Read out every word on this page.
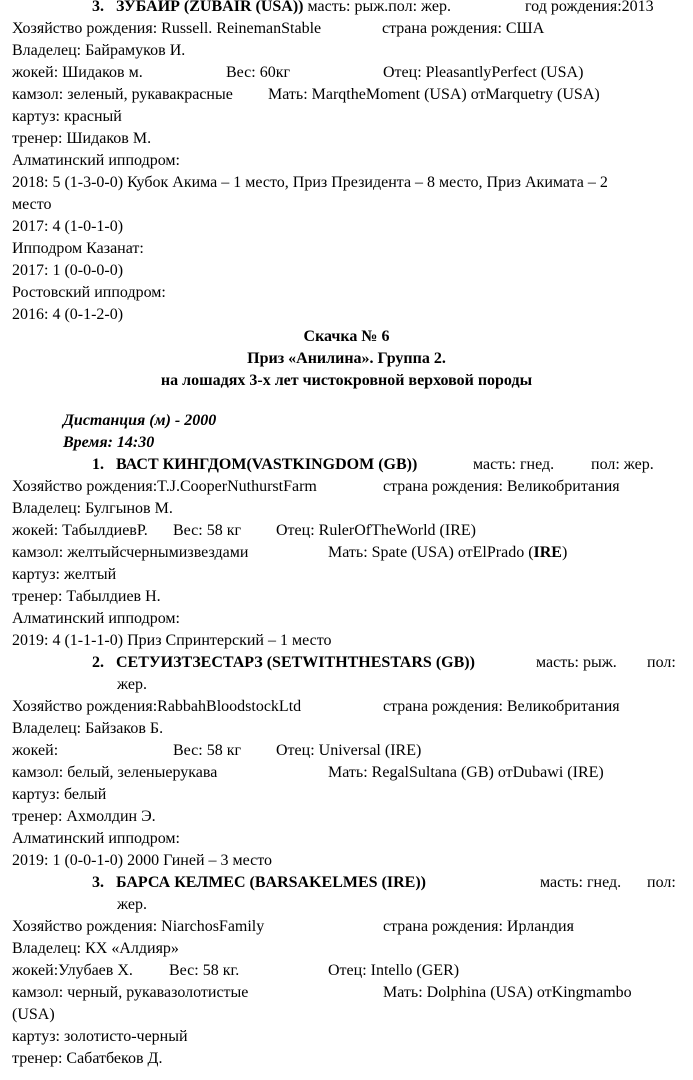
3. ЗУБАИР (ZUBAIR (USA)) масть: рыж.пол: жер.	год рождения:2013
Хозяйство рождения: Russell. ReinemanStable	страна рождения: США
Владелец: Байрамуков И.
жокей: Шидаков м.	Вес: 60кг	Отец: PleasantlyPerfect (USA)
камзол: зеленый, рукавакрасные Мать: MarqtheMoment (USA) отMarquetry (USA)
картуз: красный
тренер: Шидаков М.
Алматинский ипподром:
2018: 5 (1-3-0-0) Кубок Акима – 1 место, Приз Президента – 8 место, Приз Акимата – 2
место
2017: 4 (1-0-1-0)
Ипподром Казанат:
2017: 1 (0-0-0-0)
Ростовский ипподром:
2016: 4 (0-1-2-0)
Скачка № 6
Приз «Анилина». Группа 2.
на лошадях 3-х лет чистокровной верховой породы
Дистанция (м) - 2000
Время: 14:30
1. ВАСТ КИНГДОМ(VASTKINGDOM (GB))	масть: гнед. пол: жер.
Хозяйство рождения:T.J.CooperNuthurstFarm	страна рождения: Великобритания
Владелец: Булгынов М.
жокей: ТабылдиевР. Вес: 58 кг Отец: RulerOfTheWorld (IRE)
камзол: желтыйсчернымизвездами	Мать: Spate (USA) отElPrado (IRE)
картуз: желтый
тренер: Табылдиев Н.
Алматинский ипподром:
2019: 4 (1-1-1-0) Приз Спринтерский – 1 место
2. СЕТУИЗТЗЕСТАРЗ (SETWITHTHESTARS (GB))	масть: рыж. пол:
жер.
Хозяйство рождения:RabbahBloodstockLtd	страна рождения: Великобритания
Владелец: Байзаков Б.
жокей:	Вес: 58 кг Отец: Universal (IRE)
камзол: белый, зеленыерукава	Мать: RegalSultana (GB) отDubawi (IRE)
картуз: белый
тренер: Ахмолдин Э.
Алматинский ипподром:
2019: 1 (0-0-1-0) 2000 Гиней – 3 место
3. БАРСА КЕЛМЕС (BARSAKELMES (IRE))	масть: гнед. пол:
жер.
Хозяйство рождения: NiarchosFamily	страна рождения: Ирландия
Владелец: КХ «Алдияр»
жокей:Улубаев Х. Вес: 58 кг.	Отец: Intello (GER)
камзол: черный, рукавазолотистые	Мать: Dolphina (USA) отKingmambo
(USA)
картуз: золотисто-черный
тренер: Сабатбеков Д.
